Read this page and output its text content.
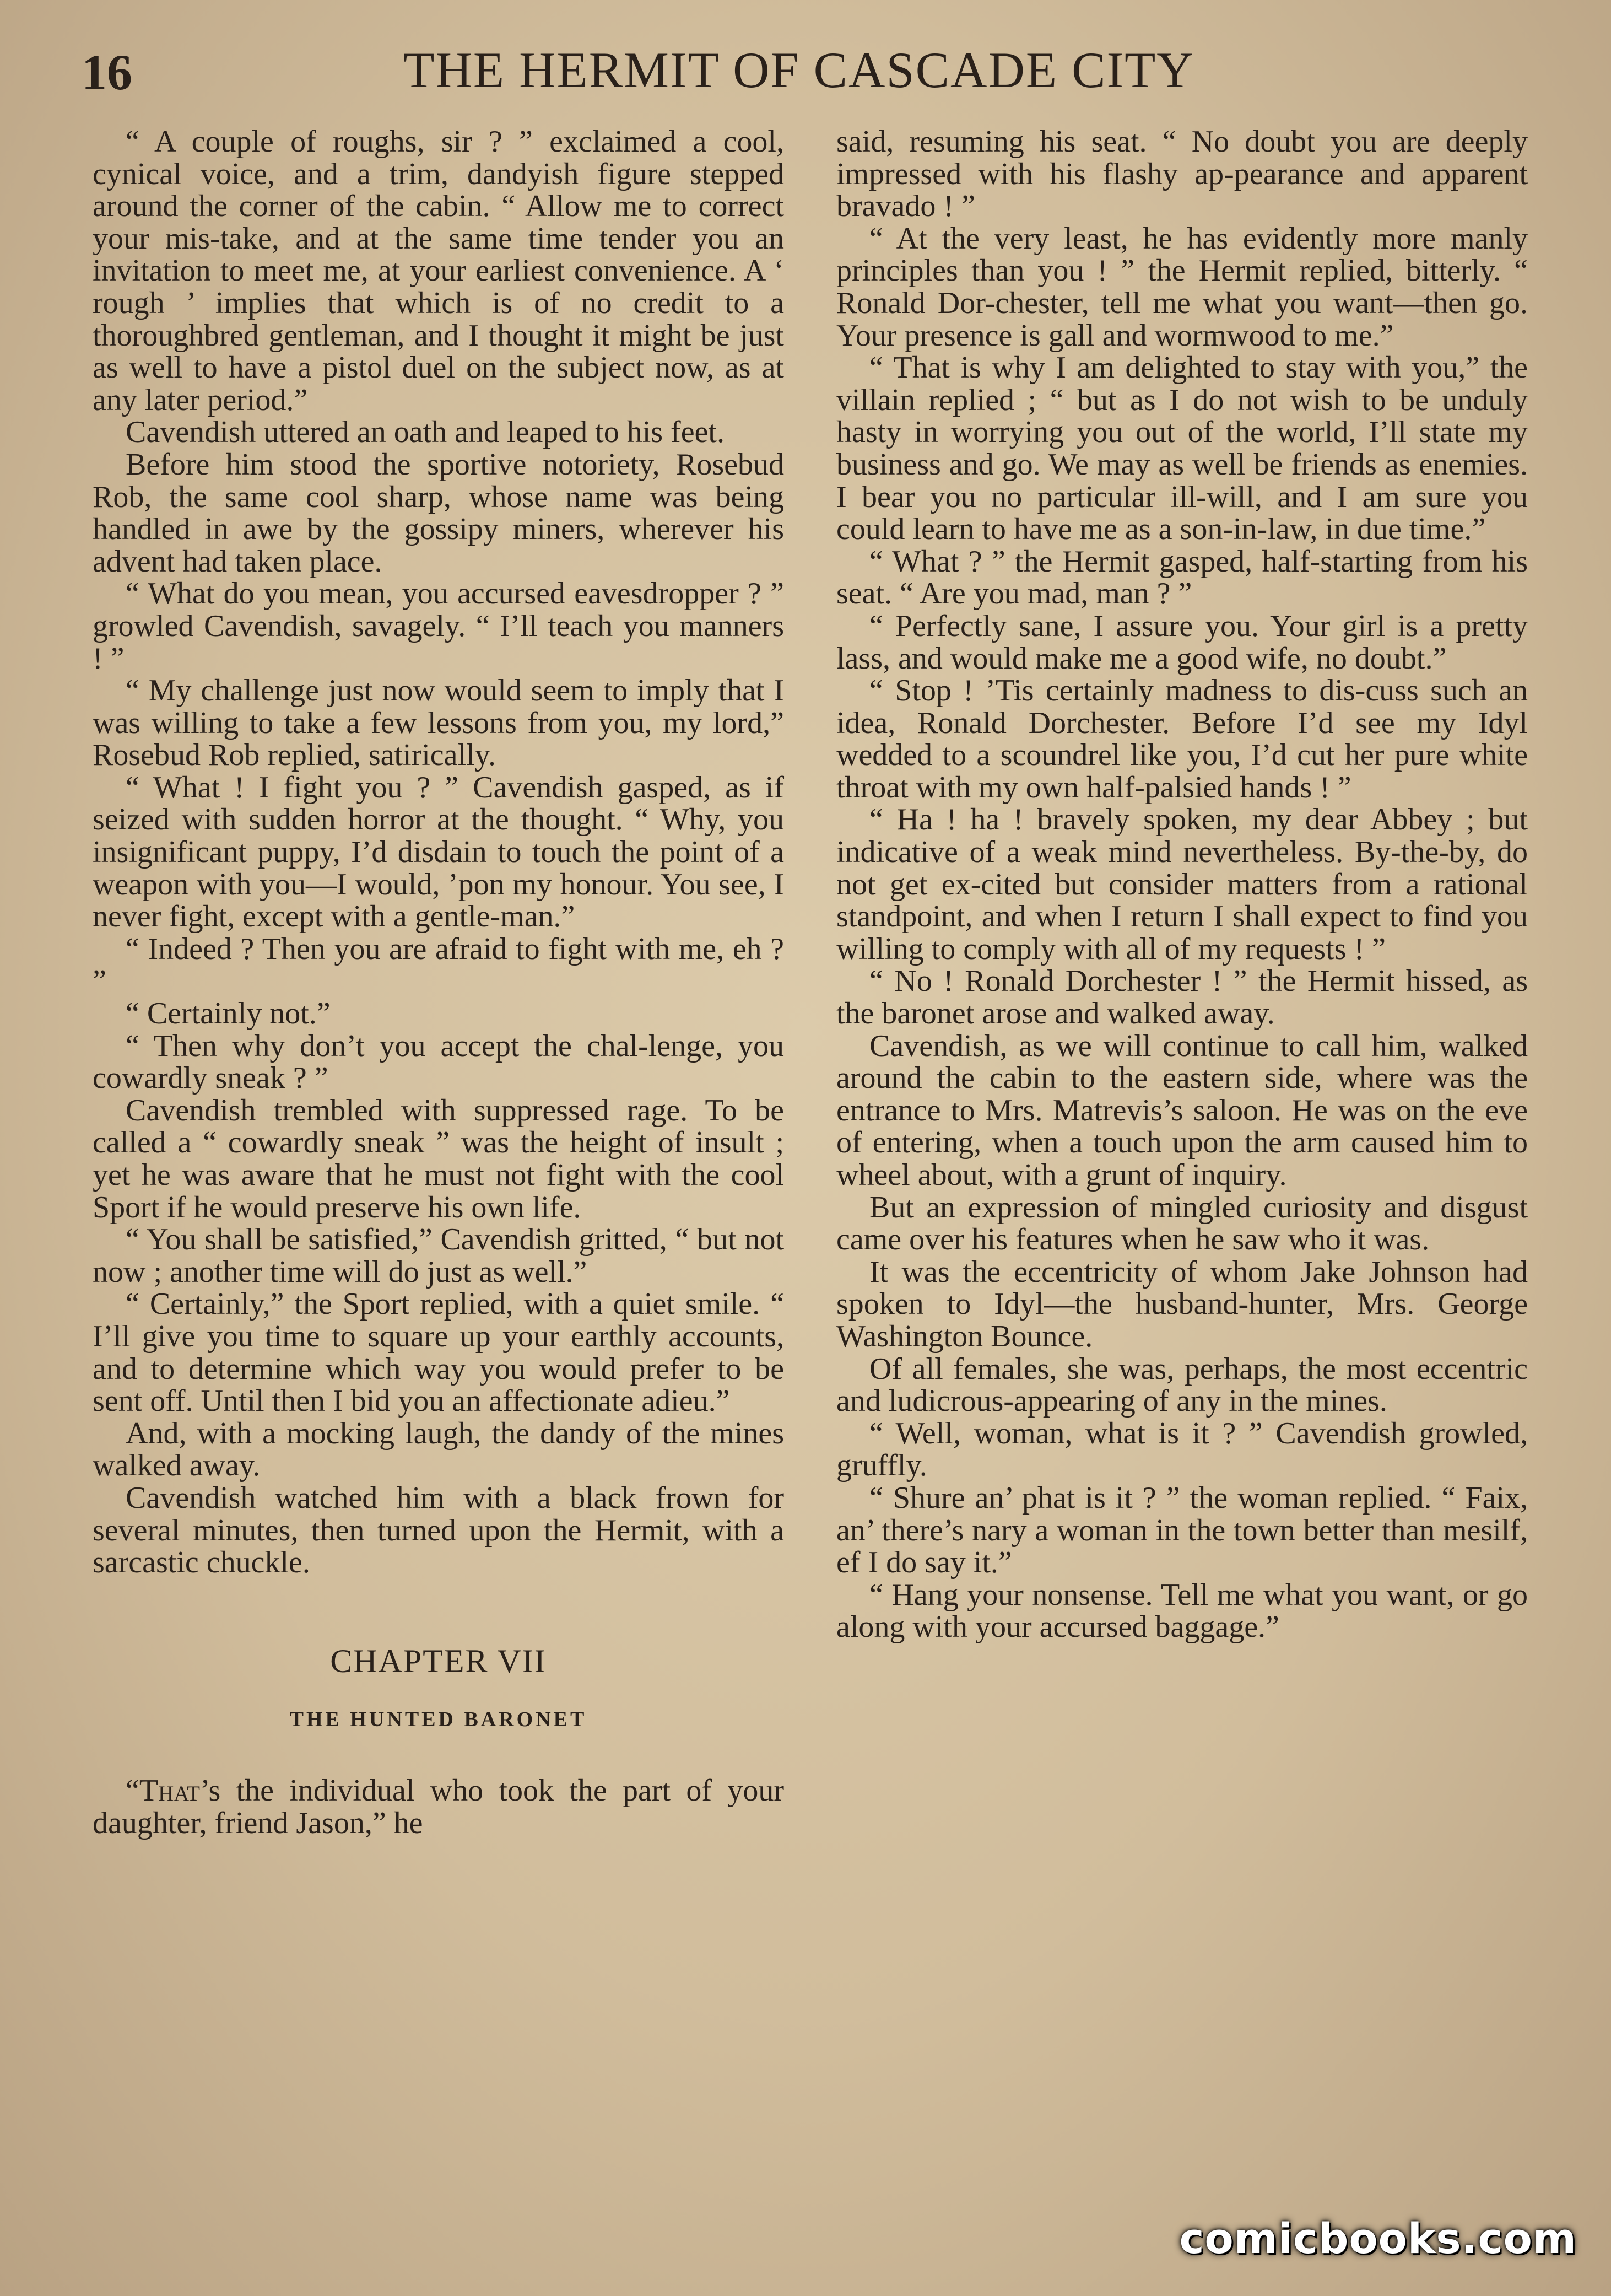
16	THE HERMIT OF CASCADE CITY

“ A couple of roughs, sir ? ” exclaimed a cool, cynical voice, and a trim, dandyish figure stepped around the corner of the cabin. “ Allow me to correct your mis-take, and at the same time tender you an invitation to meet me, at your earliest convenience. A ‘ rough ’ implies that which is of no credit to a thoroughbred gentleman, and I thought it might be just as well to have a pistol duel on the subject now, as at any later period.”

Cavendish uttered an oath and leaped to his feet.

Before him stood the sportive notoriety, Rosebud Rob, the same cool sharp, whose name was being handled in awe by the gossipy miners, wherever his advent had taken place.

“ What do you mean, you accursed eavesdropper ? ” growled Cavendish, savagely. “ I’ll teach you manners ! ”

“ My challenge just now would seem to imply that I was willing to take a few lessons from you, my lord,” Rosebud Rob replied, satirically.

“ What ! I fight you ? ” Cavendish gasped, as if seized with sudden horror at the thought. “ Why, you insignificant puppy, I’d disdain to touch the point of a weapon with you—I would, ’pon my honour. You see, I never fight, except with a gentle-man.”

“ Indeed ? Then you are afraid to fight with me, eh ? ”

“ Certainly not.”

“ Then why don’t you accept the chal-lenge, you cowardly sneak ? ”

Cavendish trembled with suppressed rage. To be called a “ cowardly sneak ” was the height of insult ; yet he was aware that he must not fight with the cool Sport if he would preserve his own life.

“ You shall be satisfied,” Cavendish gritted, “ but not now ; another time will do just as well.”

“ Certainly,” the Sport replied, with a quiet smile. “ I’ll give you time to square up your earthly accounts, and to determine which way you would prefer to be sent off. Until then I bid you an affectionate adieu.”

And, with a mocking laugh, the dandy of the mines walked away.

Cavendish watched him with a black frown for several minutes, then turned upon the Hermit, with a sarcastic chuckle.

CHAPTER VII

THE HUNTED BARONET

“That’s the individual who took the part of your daughter, friend Jason,” he

said, resuming his seat. “ No doubt you are deeply impressed with his flashy ap-pearance and apparent bravado ! ”

“ At the very least, he has evidently more manly principles than you ! ” the Hermit replied, bitterly. “ Ronald Dor-chester, tell me what you want—then go. Your presence is gall and wormwood to me.”

“ That is why I am delighted to stay with you,” the villain replied ; “ but as I do not wish to be unduly hasty in worrying you out of the world, I’ll state my business and go. We may as well be friends as enemies. I bear you no particular ill-will, and I am sure you could learn to have me as a son-in-law, in due time.”

“ What ? ” the Hermit gasped, half-starting from his seat. “ Are you mad, man ? ”

“ Perfectly sane, I assure you. Your girl is a pretty lass, and would make me a good wife, no doubt.”

“ Stop ! ’Tis certainly madness to dis-cuss such an idea, Ronald Dorchester. Before I’d see my Idyl wedded to a scoundrel like you, I’d cut her pure white throat with my own half-palsied hands ! ”

“ Ha ! ha ! bravely spoken, my dear Abbey ; but indicative of a weak mind nevertheless. By-the-by, do not get ex-cited but consider matters from a rational standpoint, and when I return I shall expect to find you willing to comply with all of my requests ! ”

“ No ! Ronald Dorchester ! ” the Hermit hissed, as the baronet arose and walked away.

Cavendish, as we will continue to call him, walked around the cabin to the eastern side, where was the entrance to Mrs. Matrevis’s saloon. He was on the eve of entering, when a touch upon the arm caused him to wheel about, with a grunt of inquiry.

But an expression of mingled curiosity and disgust came over his features when he saw who it was.

It was the eccentricity of whom Jake Johnson had spoken to Idyl—the husband-hunter, Mrs. George Washington Bounce.

Of all females, she was, perhaps, the most eccentric and ludicrous-appearing of any in the mines.

“ Well, woman, what is it ? ” Cavendish growled, gruffly.

“ Shure an’ phat is it ? ” the woman replied. “ Faix, an’ there’s nary a woman in the town better than mesilf, ef I do say it.”

“ Hang your nonsense. Tell me what you want, or go along with your accursed baggage.”

comicbooks.com
